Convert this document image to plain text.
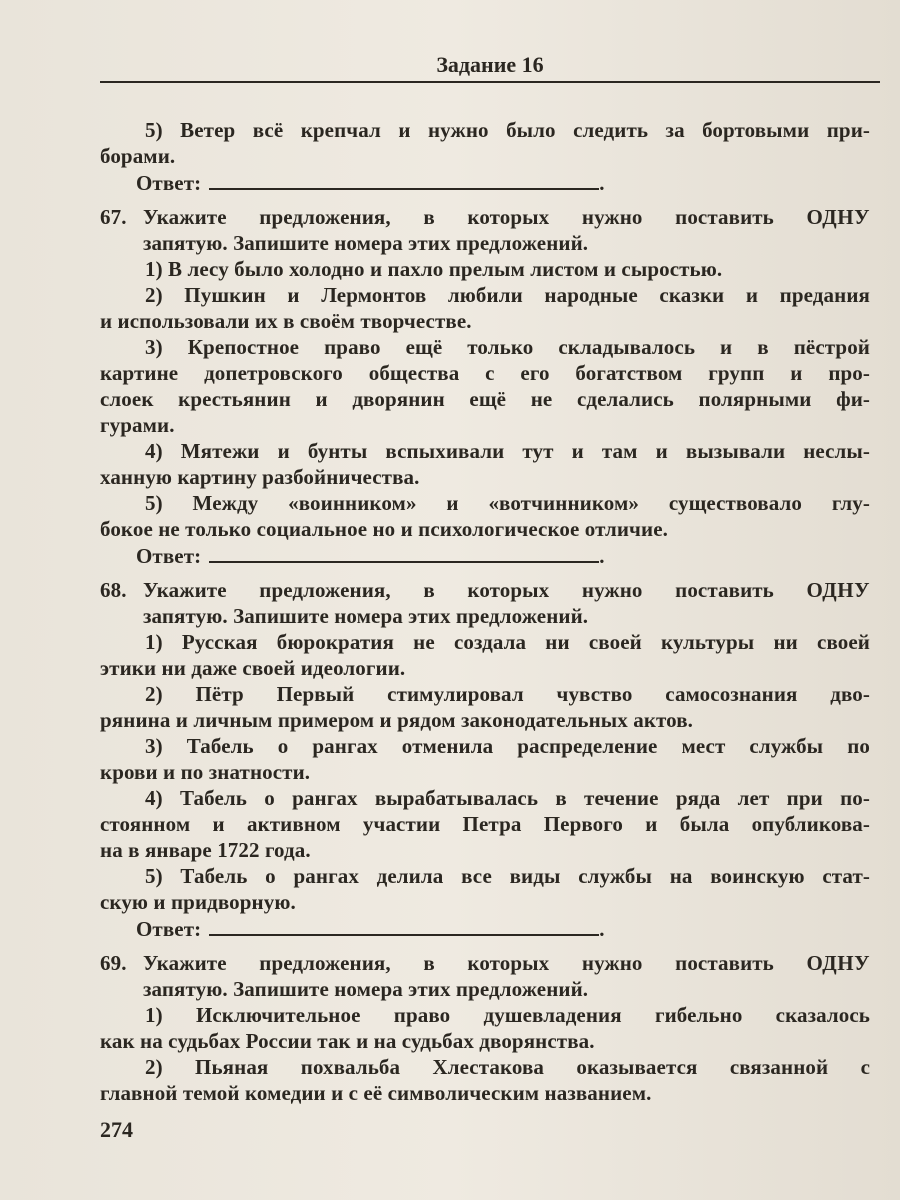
Задание 16
5) Ветер всё крепчал и нужно было следить за бортовыми при-
борами.
Ответ:	.
67. Укажите предложения, в которых нужно поставить ОДНУ
запятую. Запишите номера этих предложений.
1) В лесу было холодно и пахло прелым листом и сыростью.
2) Пушкин и Лермонтов любили народные сказки и предания
и использовали их в своём творчестве.
3) Крепостное право ещё только складывалось и в пёстрой
картине допетровского общества с его богатством групп и про-
слоек крестьянин и дворянин ещё не сделались полярными фи-
гурами.
4) Мятежи и бунты вспыхивали тут и там и вызывали неслы-
ханную картину разбойничества.
5) Между «воинником» и «вотчинником» существовало глу-
бокое не только социальное но и психологическое отличие.
Ответ:	.
68. Укажите предложения, в которых нужно поставить ОДНУ
запятую. Запишите номера этих предложений.
1) Русская бюрократия не создала ни своей культуры ни своей
этики ни даже своей идеологии.
2) Пётр Первый стимулировал чувство самосознания дво-
рянина и личным примером и рядом законодательных актов.
3) Табель о рангах отменила распределение мест службы по
крови и по знатности.
4) Табель о рангах вырабатывалась в течение ряда лет при по-
стоянном и активном участии Петра Первого и была опубликова-
на в январе 1722 года.
5) Табель о рангах делила все виды службы на воинскую стат-
скую и придворную.
Ответ:	.
69. Укажите предложения, в которых нужно поставить ОДНУ
запятую. Запишите номера этих предложений.
1) Исключительное право душевладения гибельно сказалось
как на судьбах России так и на судьбах дворянства.
2) Пьяная похвальба Хлестакова оказывается связанной с
главной темой комедии и с её символическим названием.
274
